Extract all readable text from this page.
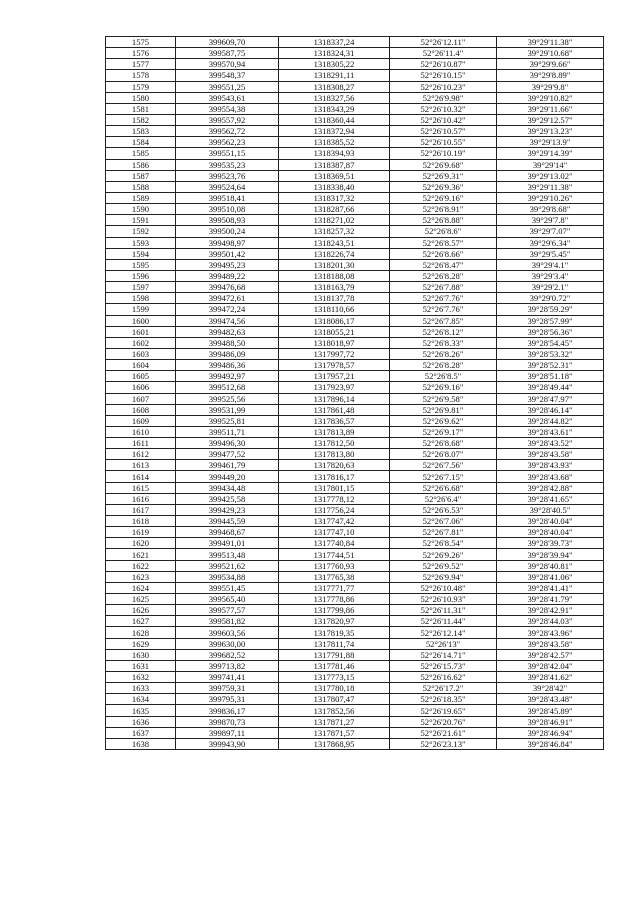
1575	399609,70	1318337,24	52°26'12.11"	39°29'11.38"
1576	399587,75	1318324,31	52°26'11.4"	39°29'10.68"
1577	399570,94	1318305,22	52°26'10.87"	39°29'9.66"
1578	399548,37	1318291,11	52°26'10.15"	39°29'8.89"
1579	399551,25	1318308,27	52°26'10.23"	39°29'9.8"
1580	399543,61	1318327,56	52°26'9.98"	39°29'10.82"
1581	399554,38	1318343,29	52°26'10.32"	39°29'11.66"
1582	399557,92	1318360,44	52°26'10.42"	39°29'12.57"
1583	399562,72	1318372,94	52°26'10.57"	39°29'13.23"
1584	399562,23	1318385,52	52°26'10.55"	39°29'13.9"
1585	399551,15	1318394,93	52°26'10.19"	39°29'14.39"
1586	399535,23	1318387,87	52°26'9.68"	39°29'14"
1587	399523,76	1318369,51	52°26'9.31"	39°29'13.02"
1588	399524,64	1318338,40	52°26'9.36"	39°29'11.38"
1589	399518,41	1318317,32	52°26'9.16"	39°29'10.26"
1590	399510,08	1318287,66	52°26'8.91"	39°29'8.68"
1591	399508,93	1318271,02	52°26'8.88"	39°29'7.8"
1592	399500,24	1318257,32	52°26'8.6"	39°29'7.07"
1593	399498,97	1318243,51	52°26'8.57"	39°29'6.34"
1594	399501,42	1318226,74	52°26'8.66"	39°29'5.45"
1595	399495,23	1318201,30	52°26'8.47"	39°29'4.1"
1596	399489,22	1318188,08	52°26'8.28"	39°29'3.4"
1597	399476,68	1318163,79	52°26'7.88"	39°29'2.1"
1598	399472,61	1318137,78	52°26'7.76"	39°29'0.72"
1599	399472,24	1318110,66	52°26'7.76"	39°28'59.29"
1600	399474,56	1318086,17	52°26'7.85"	39°28'57.99"
1601	399482,63	1318055,21	52°26'8.12"	39°28'56.36"
1602	399488,50	1318018,97	52°26'8.33"	39°28'54.45"
1603	399486,09	1317997,72	52°26'8.26"	39°28'53.32"
1604	399486,36	1317978,57	52°26'8.28"	39°28'52.31"
1605	399492,97	1317957,21	52°26'8.5"	39°28'51.18"
1606	399512,68	1317923,97	52°26'9.16"	39°28'49.44"
1607	399525,56	1317896,14	52°26'9.58"	39°28'47.97"
1608	399531,99	1317861,48	52°26'9.81"	39°28'46.14"
1609	399525,81	1317836,57	52°26'9.62"	39°28'44.82"
1610	399511,71	1317813,89	52°26'9.17"	39°28'43.61"
1611	399496,30	1317812,50	52°26'8.68"	39°28'43.52"
1612	399477,52	1317813,80	52°26'8.07"	39°28'43.58"
1613	399461,79	1317820,63	52°26'7.56"	39°28'43.93"
1614	399449,20	1317816,17	52°26'7.15"	39°28'43.68"
1615	399434,48	1317801,15	52°26'6.68"	39°28'42.88"
1616	399425,58	1317778,12	52°26'6.4"	39°28'41.65"
1617	399429,23	1317756,24	52°26'6.53"	39°28'40.5"
1618	399445,59	1317747,42	52°26'7.06"	39°28'40.04"
1619	399468,67	1317747,10	52°26'7.81"	39°28'40.04"
1620	399491,01	1317740,84	52°26'8.54"	39°28'39.73"
1621	399513,48	1317744,51	52°26'9.26"	39°28'39.94"
1622	399521,62	1317760,93	52°26'9.52"	39°28'40.81"
1623	399534,88	1317765,38	52°26'9.94"	39°28'41.06"
1624	399551,45	1317771,77	52°26'10.48"	39°28'41.41"
1625	399565,40	1317778,86	52°26'10.93"	39°28'41.79"
1626	399577,57	1317799,86	52°26'11.31"	39°28'42.91"
1627	399581,82	1317820,97	52°26'11.44"	39°28'44.03"
1628	399603,56	1317819,35	52°26'12.14"	39°28'43.96"
1629	399630,00	1317811,74	52°26'13"	39°28'43.58"
1630	399682,52	1317791,88	52°26'14.71"	39°28'42.57"
1631	399713,82	1317781,46	52°26'15.73"	39°28'42.04"
1632	399741,41	1317773,15	52°26'16.62"	39°28'41.62"
1633	399759,31	1317780,18	52°26'17.2"	39°28'42"
1634	399795,31	1317807,47	52°26'18.35"	39°28'43.48"
1635	399836,17	1317852,56	52°26'19.65"	39°28'45.89"
1636	399870,73	1317871,27	52°26'20.76"	39°28'46.91"
1637	399897,11	1317871,57	52°26'21.61"	39°28'46.94"
1638	399943,90	1317868,95	52°26'23.13"	39°28'46.84"
